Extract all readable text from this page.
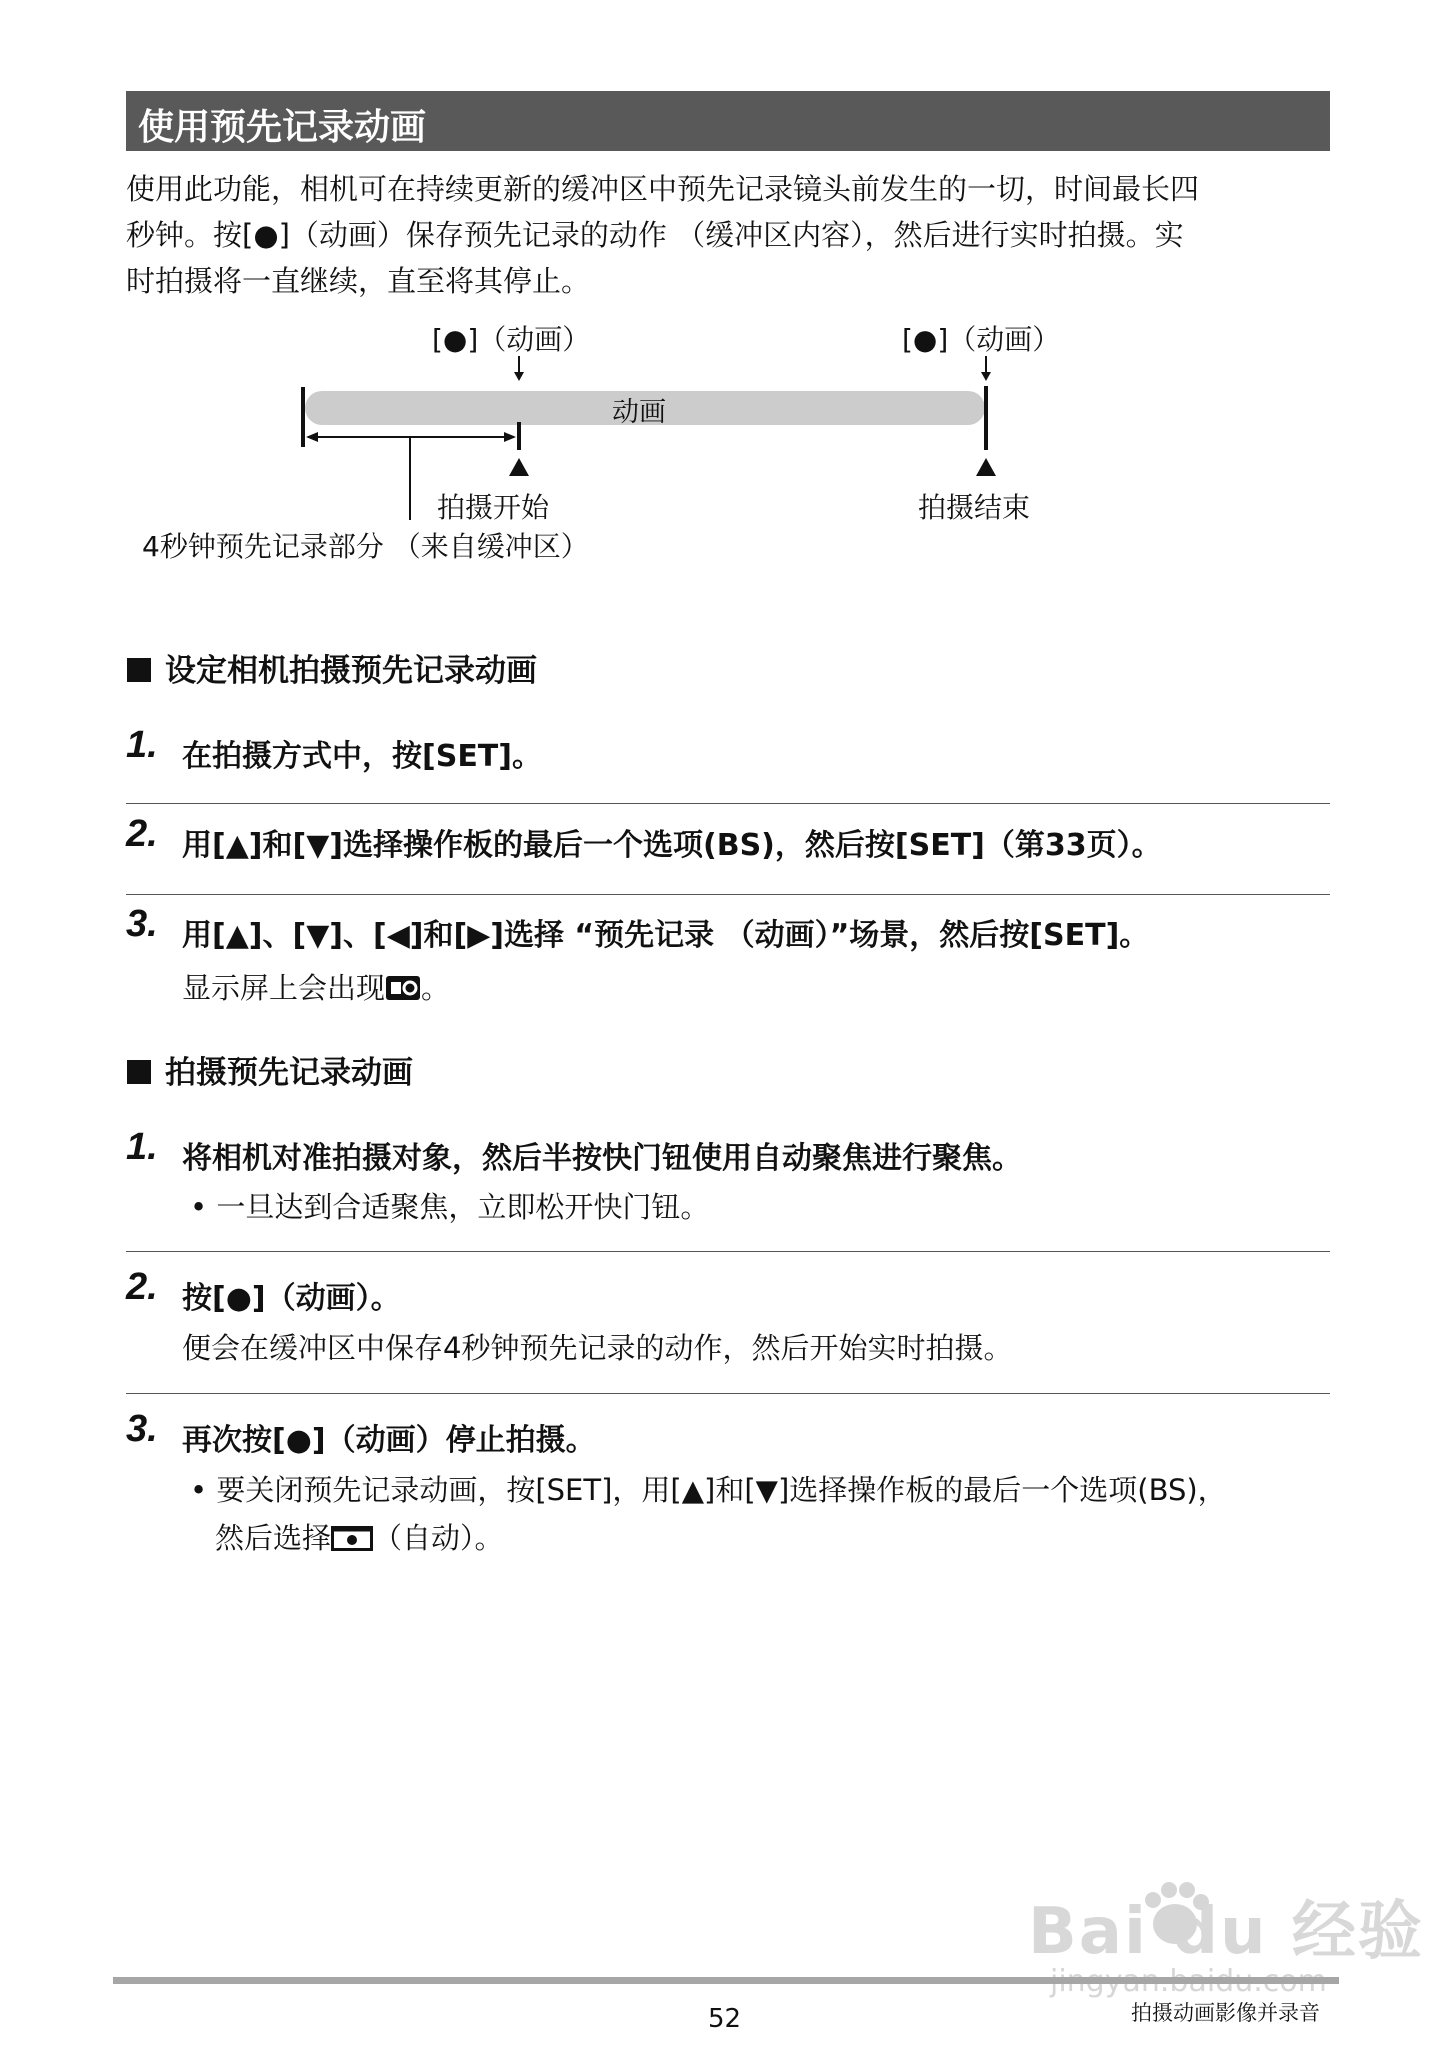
使用预先记录动画

使用此功能，相机可在持续更新的缓冲区中预先记录镜头前发生的一切，时间最长四

秒钟。按[●]（动画）保存预先记录的动作 （缓冲区内容），然后进行实时拍摄。实

时拍摄将一直继续，直至将其停止。

[●]（动画）	[●]（动画）
动画
拍摄开始	拍摄结束
4秒钟预先记录部分 （来自缓冲区）
设定相机拍摄预先记录动画
1. 在拍摄方式中，按[SET]。
2. 用[▲]和[▼]选择操作板的最后一个选项(BS)，然后按[SET]（第33页）。
3. 用[▲]、[▼]、[◀]和[▶]选择 “预先记录 （动画）”场景，然后按[SET]。
显示屏上会出现 。
拍摄预先记录动画
1. 将相机对准拍摄对象，然后半按快门钮使用自动聚焦进行聚焦。
• 一旦达到合适聚焦，立即松开快门钮。
2. 按[●]（动画）。
便会在缓冲区中保存4秒钟预先记录的动作，然后开始实时拍摄。
3. 再次按[●]（动画）停止拍摄。
• 要关闭预先记录动画，按[SET]，用[▲]和[▼]选择操作板的最后一个选项(BS)，
然后选择 （自动）。
Bai du 经验
52	拍摄动画影像并录音
